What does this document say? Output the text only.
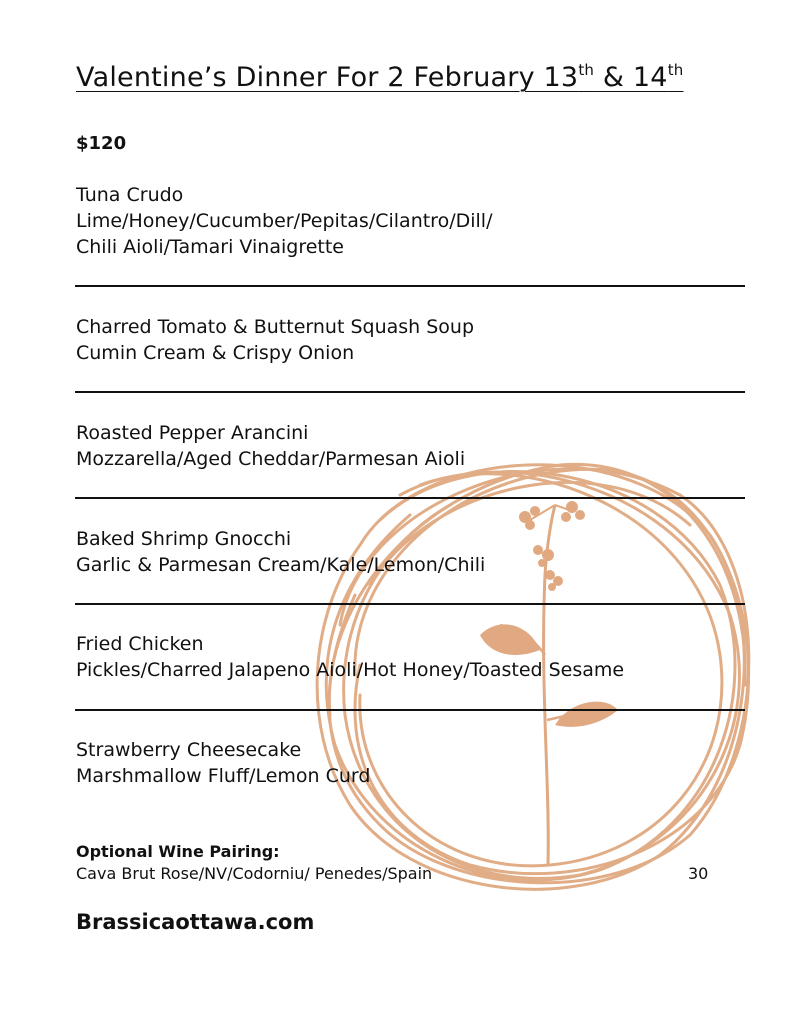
Valentine’s Dinner For 2 February 13th & 14th
$120
Tuna Crudo
Lime/Honey/Cucumber/Pepitas/Cilantro/Dill/
Chili Aioli/Tamari Vinaigrette
Charred Tomato & Butternut Squash Soup
Cumin Cream & Crispy Onion
Roasted Pepper Arancini
Mozzarella/Aged Cheddar/Parmesan Aioli
Baked Shrimp Gnocchi
Garlic & Parmesan Cream/Kale/Lemon/Chili
Fried Chicken
Pickles/Charred Jalapeno Aioli/Hot Honey/Toasted Sesame
Strawberry Cheesecake
Marshmallow Fluff/Lemon Curd
Optional Wine Pairing:
Cava Brut Rose/NV/Codorniu/ Penedes/Spain	30
Brassicaottawa.com
